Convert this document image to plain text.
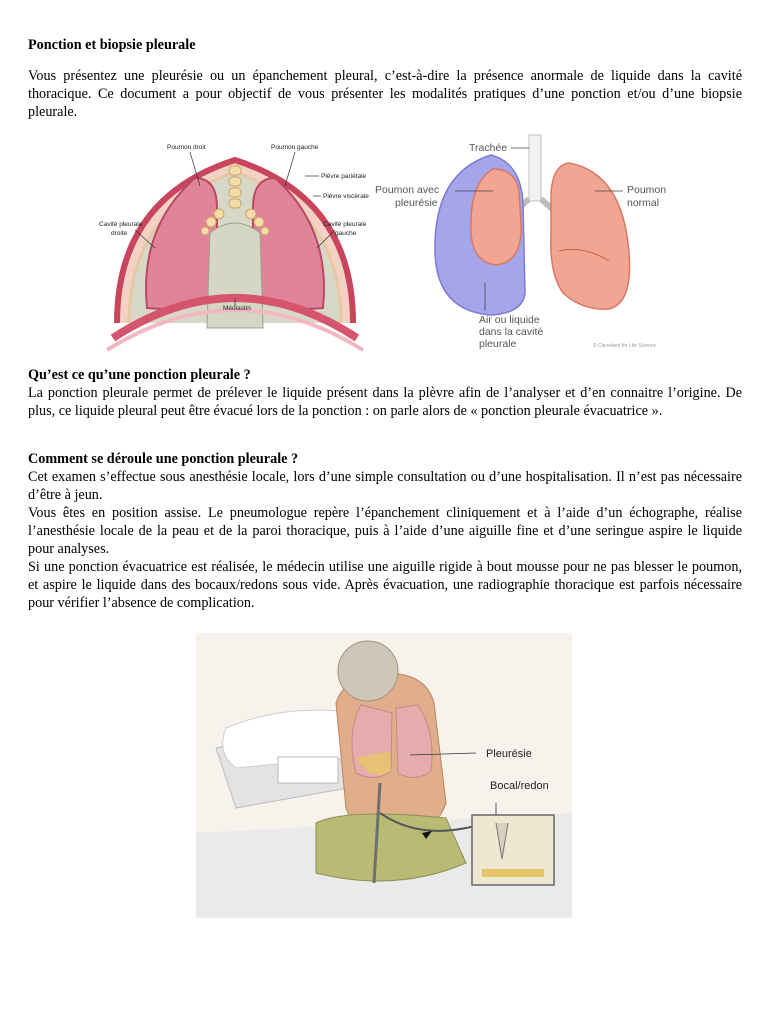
Ponction et biopsie pleurale

Vous présentez une pleurésie ou un épanchement pleural, c’est-à-dire la présence anormale de liquide dans la cavité thoracique. Ce document a pour objectif de vous présenter les modalités pratiques d’une ponction et/ou d’une biopsie pleurale.

Poumon droit	Poumon gauche
Plèvre pariétale
Plèvre viscérale
Cavité pleurale
droite
Cavité pleurale
gauche
Médiastin
Trachée
Poumon avec
pleurésie
Poumon
normal
Air ou liquide
dans la cavité
pleurale	© Cleveland for Life Science
Qu’est ce qu’une ponction pleurale ?

La ponction pleurale permet de prélever le liquide présent dans la plèvre afin de l’analyser et d’en connaitre l’origine. De plus, ce liquide pleural peut être évacué lors de la ponction : on parle alors de « ponction pleurale évacuatrice ».

Comment se déroule une ponction pleurale ?

Cet examen s’effectue sous anesthésie locale, lors d’une simple consultation ou d’une hospitalisation. Il n’est pas nécessaire d’être à jeun.

Vous êtes en position assise. Le pneumologue repère l’épanchement cliniquement et à l’aide d’un échographe, réalise l’anesthésie locale de la peau et de la paroi thoracique, puis à l’aide d’une aiguille fine et d’une seringue aspire le liquide pour analyses.

Si une ponction évacuatrice est réalisée, le médecin utilise une aiguille rigide à bout mousse pour ne pas blesser le poumon, et aspire le liquide dans des bocaux/redons sous vide. Après évacuation, une radiographie thoracique est parfois nécessaire pour vérifier l’absence de complication.

Pleurésie
Bocal/redon
